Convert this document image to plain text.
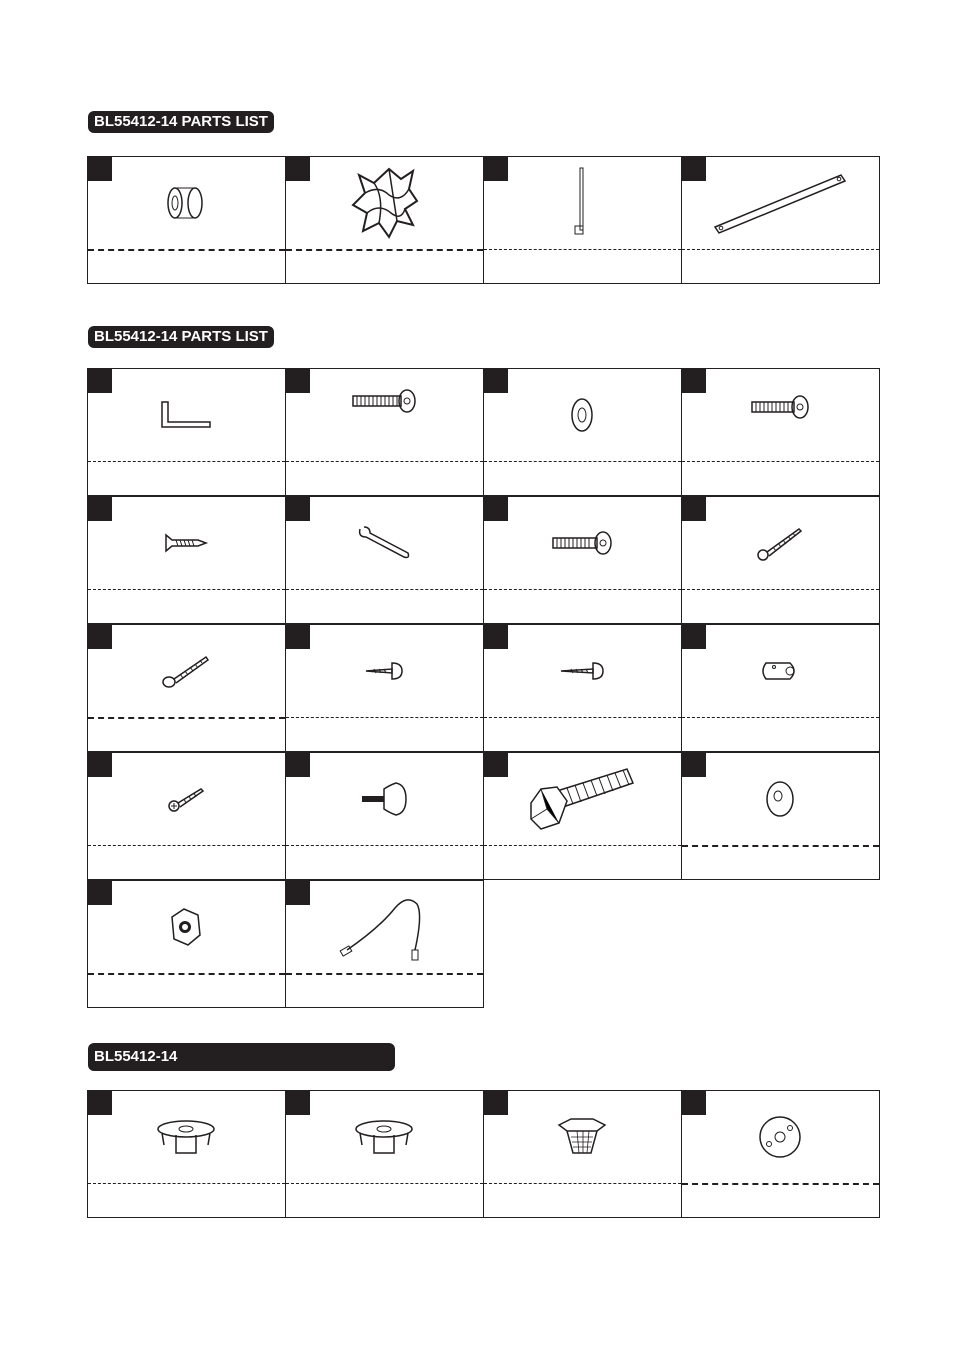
BL55412-14 PARTS LIST
BL55412-14 PARTS LIST
BL55412-14
